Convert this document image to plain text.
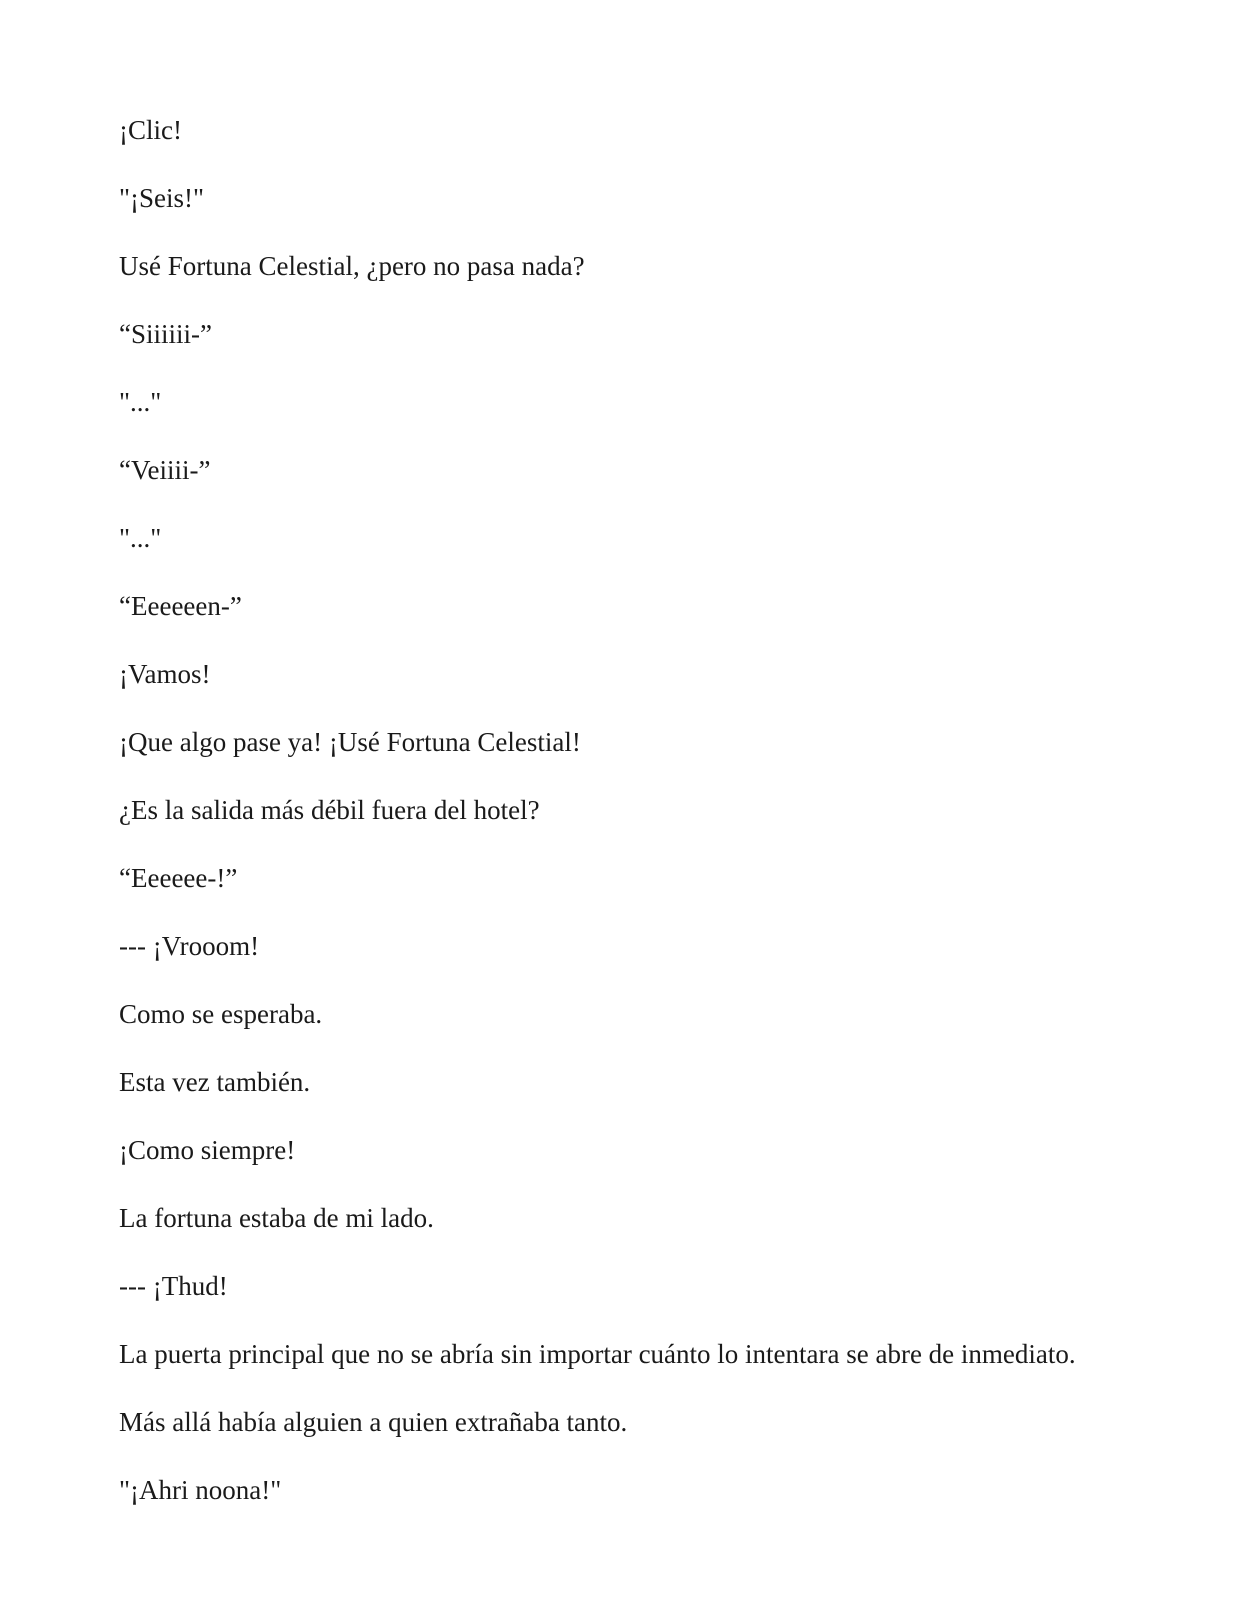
¡Clic!

"¡Seis!"

Usé Fortuna Celestial, ¿pero no pasa nada?

“Siiiiii-”

"..."

“Veiiii-”

"..."

“Eeeeeen-”

¡Vamos!

¡Que algo pase ya! ¡Usé Fortuna Celestial!

¿Es la salida más débil fuera del hotel?

“Eeeeee-!”

--- ¡Vrooom!

Como se esperaba.

Esta vez también.

¡Como siempre!

La fortuna estaba de mi lado.

--- ¡Thud!

La puerta principal que no se abría sin importar cuánto lo intentara se abre de inmediato.

Más allá había alguien a quien extrañaba tanto.

"¡Ahri noona!"
